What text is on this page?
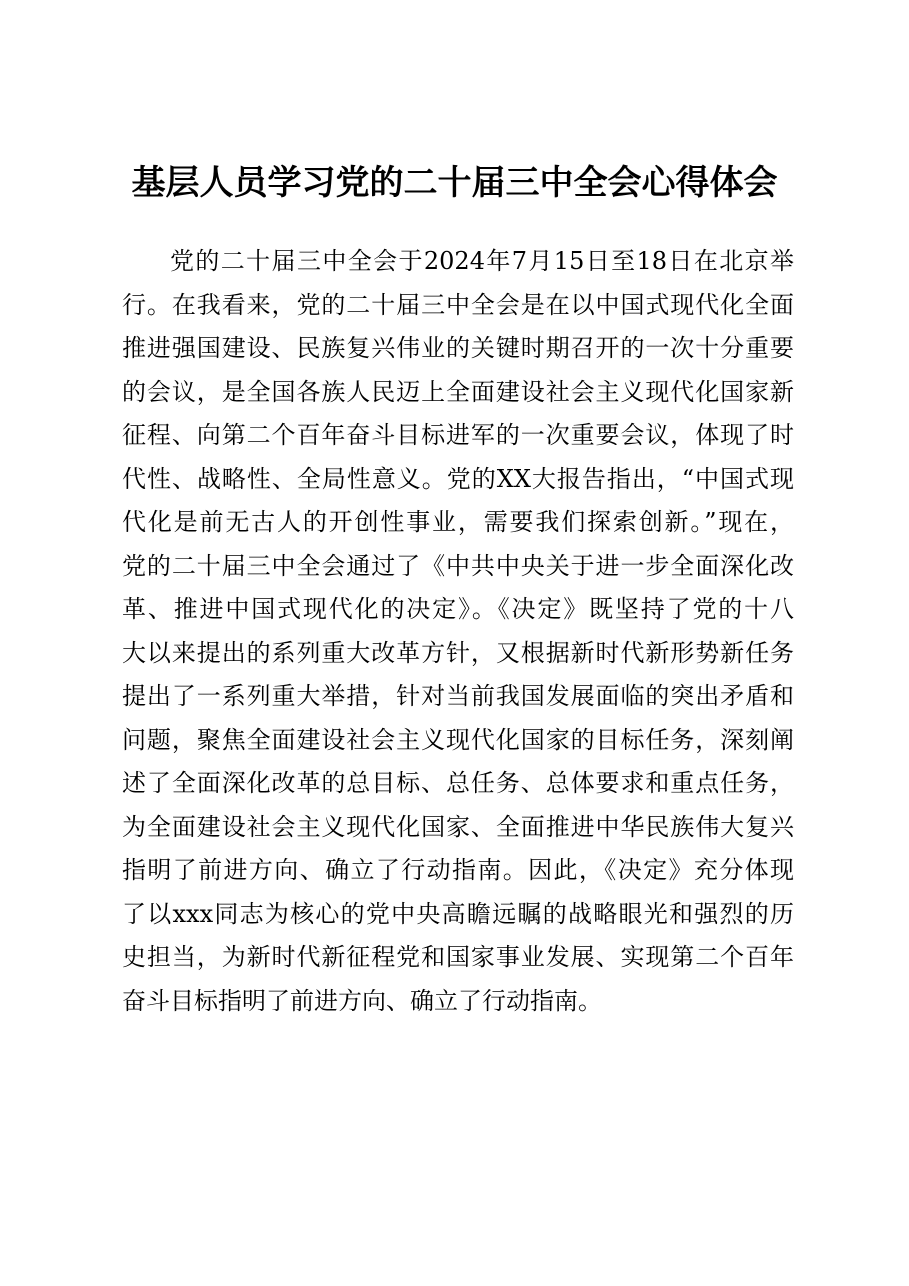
基层人员学习党的二十届三中全会心得体会
党的二十届三中全会于2024年7月15日至18日在北京举
行。在我看来，党的二十届三中全会是在以中国式现代化全面
推进强国建设、民族复兴伟业的关键时期召开的一次十分重要
的会议，是全国各族人民迈上全面建设社会主义现代化国家新
征程、向第二个百年奋斗目标进军的一次重要会议，体现了时
代性、战略性、全局性意义。党的XX大报告指出，“中国式现
代化是前无古人的开创性事业，需要我们探索创新。”现在，
党的二十届三中全会通过了《中共中央关于进一步全面深化改
革、推进中国式现代化的决定》。《决定》既坚持了党的十八
大以来提出的系列重大改革方针，又根据新时代新形势新任务
提出了一系列重大举措，针对当前我国发展面临的突出矛盾和
问题，聚焦全面建设社会主义现代化国家的目标任务，深刻阐
述了全面深化改革的总目标、总任务、总体要求和重点任务，
为全面建设社会主义现代化国家、全面推进中华民族伟大复兴
指明了前进方向、确立了行动指南。因此，《决定》充分体现
了以xxx同志为核心的党中央高瞻远瞩的战略眼光和强烈的历
史担当，为新时代新征程党和国家事业发展、实现第二个百年
奋斗目标指明了前进方向、确立了行动指南。
